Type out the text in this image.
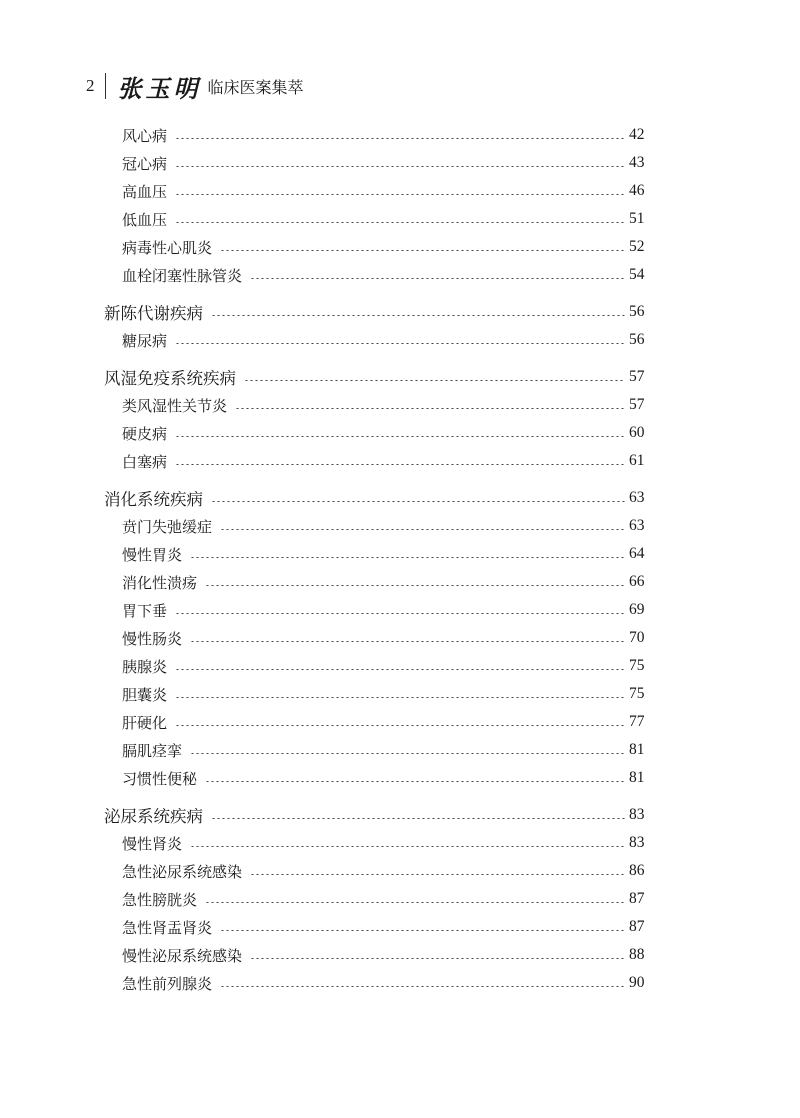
2 张玉明 临床医案集萃
风心病	42
冠心病	43
高血压	46
低血压	51
病毒性心肌炎	52
血栓闭塞性脉管炎	54
新陈代谢疾病	56
糖尿病	56
风湿免疫系统疾病	57
类风湿性关节炎	57
硬皮病	60
白塞病	61
消化系统疾病	63
贲门失弛缓症	63
慢性胃炎	64
消化性溃疡	66
胃下垂	69
慢性肠炎	70
胰腺炎	75
胆囊炎	75
肝硬化	77
膈肌痉挛	81
习惯性便秘	81
泌尿系统疾病	83
慢性肾炎	83
急性泌尿系统感染	86
急性膀胱炎	87
急性肾盂肾炎	87
慢性泌尿系统感染	88
急性前列腺炎	90
